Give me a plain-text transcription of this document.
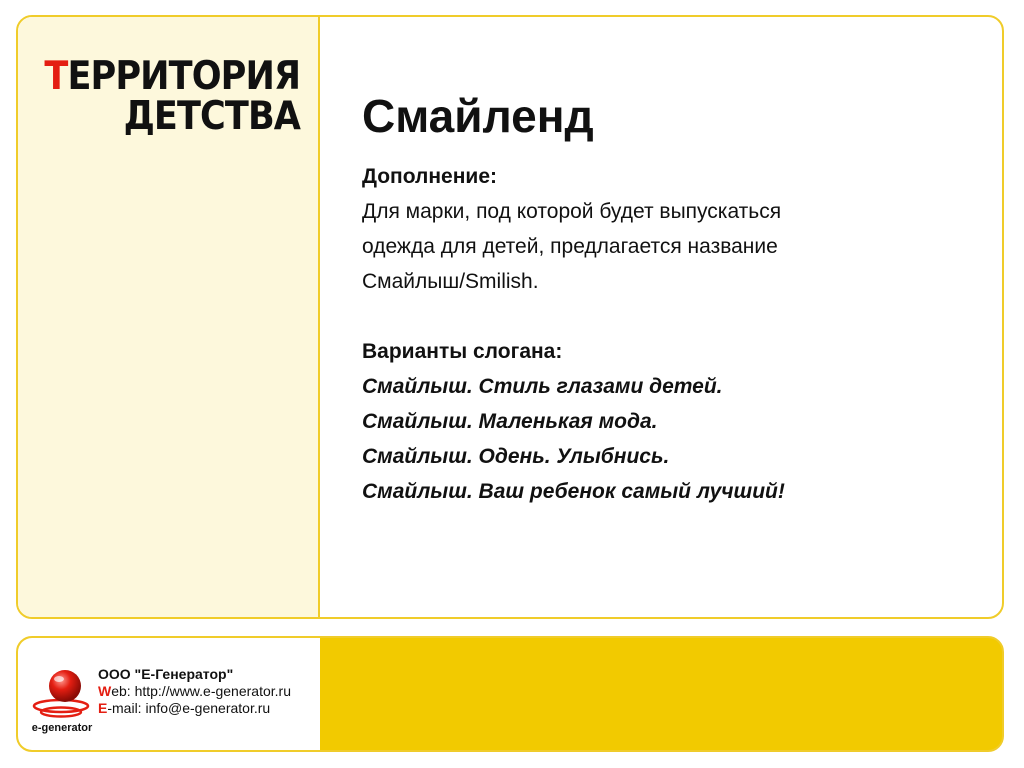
ТЕРРИТОРИЯ
ДЕТСТВА Смайленд

Дополнение:

Для марки, под которой будет выпускаться

одежда для детей, предлагается название

Смайлыш/Smilish.

Варианты слогана:

Смайлыш. Стиль глазами детей.

Смайлыш. Маленькая мода.

Смайлыш. Одень. Улыбнись.

Смайлыш. Ваш ребенок самый лучший!

e-generator
ООО "Е-Генератор"
Web: http://www.e-generator.ru
E-mail: info@e-generator.ru
